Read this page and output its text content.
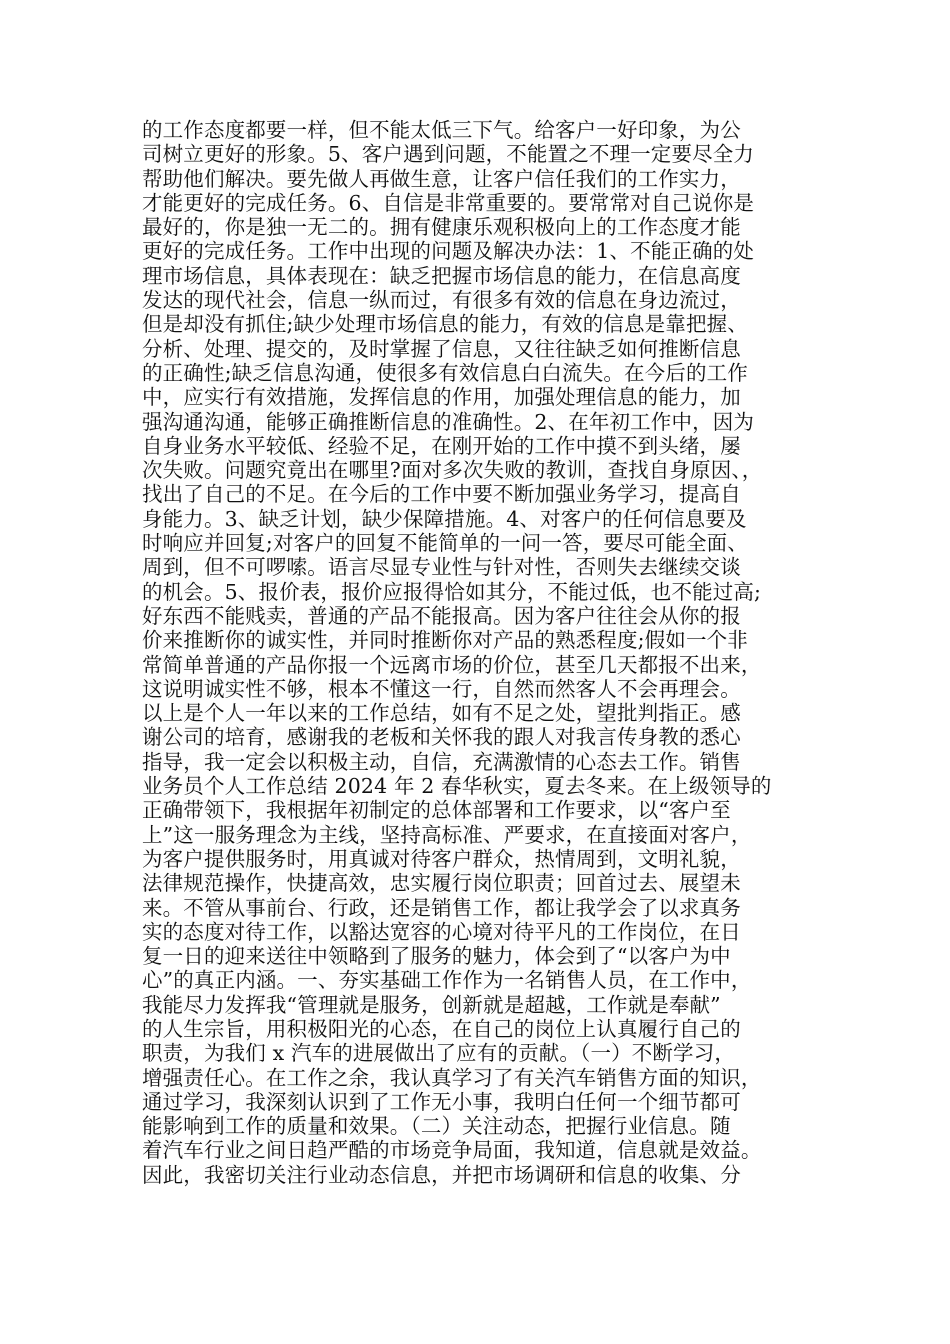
的工作态度都要一样，但不能太低三下气。给客户一好印象，为公
司树立更好的形象。5、客户遇到问题，不能置之不理一定要尽全力
帮助他们解决。要先做人再做生意，让客户信任我们的工作实力，
才能更好的完成任务。6、自信是非常重要的。要常常对自己说你是
最好的，你是独一无二的。拥有健康乐观积极向上的工作态度才能
更好的完成任务。工作中出现的问题及解决办法：1、不能正确的处
理市场信息，具体表现在：缺乏把握市场信息的能力，在信息高度
发达的现代社会，信息一纵而过，有很多有效的信息在身边流过，
但是却没有抓住;缺少处理市场信息的能力，有效的信息是靠把握、
分析、处理、提交的，及时掌握了信息，又往往缺乏如何推断信息
的正确性;缺乏信息沟通，使很多有效信息白白流失。在今后的工作
中，应实行有效措施，发挥信息的作用，加强处理信息的能力，加
强沟通沟通，能够正确推断信息的准确性。2、在年初工作中，因为
自身业务水平较低、经验不足，在刚开始的工作中摸不到头绪，屡
次失败。问题究竟出在哪里?面对多次失败的教训，查找自身原因、，
找出了自己的不足。在今后的工作中要不断加强业务学习，提高自
身能力。3、缺乏计划，缺少保障措施。4、对客户的任何信息要及
时响应并回复;对客户的回复不能简单的一问一答，要尽可能全面、
周到，但不可啰嗦。语言尽显专业性与针对性，否则失去继续交谈
的机会。5、报价表，报价应报得恰如其分，不能过低，也不能过高;
好东西不能贱卖，普通的产品不能报高。因为客户往往会从你的报
价来推断你的诚实性，并同时推断你对产品的熟悉程度;假如一个非
常简单普通的产品你报一个远离市场的价位，甚至几天都报不出来，
这说明诚实性不够，根本不懂这一行，自然而然客人不会再理会。
以上是个人一年以来的工作总结，如有不足之处，望批判指正。感
谢公司的培育，感谢我的老板和关怀我的跟人对我言传身教的悉心
指导，我一定会以积极主动，自信，充满激情的心态去工作。销售
业务员个人工作总结 2024 年 2 春华秋实，夏去冬来。在上级领导的
正确带领下，我根据年初制定的总体部署和工作要求，以“客户至
上”这一服务理念为主线，坚持高标准、严要求，在直接面对客户，
为客户提供服务时，用真诚对待客户群众，热情周到，文明礼貌，
法律规范操作，快捷高效，忠实履行岗位职责；回首过去、展望未
来。不管从事前台、行政，还是销售工作，都让我学会了以求真务
实的态度对待工作，以豁达宽容的心境对待平凡的工作岗位，在日
复一日的迎来送往中领略到了服务的魅力，体会到了“以客户为中
心”的真正内涵。一、夯实基础工作作为一名销售人员，在工作中，
我能尽力发挥我“管理就是服务，创新就是超越，工作就是奉献”
的人生宗旨，用积极阳光的心态，在自己的岗位上认真履行自己的
职责，为我们 x 汽车的进展做出了应有的贡献。（一）不断学习，
增强责任心。在工作之余，我认真学习了有关汽车销售方面的知识，
通过学习，我深刻认识到了工作无小事，我明白任何一个细节都可
能影响到工作的质量和效果。（二）关注动态，把握行业信息。随
着汽车行业之间日趋严酷的市场竞争局面，我知道，信息就是效益。
因此，我密切关注行业动态信息，并把市场调研和信息的收集、分
